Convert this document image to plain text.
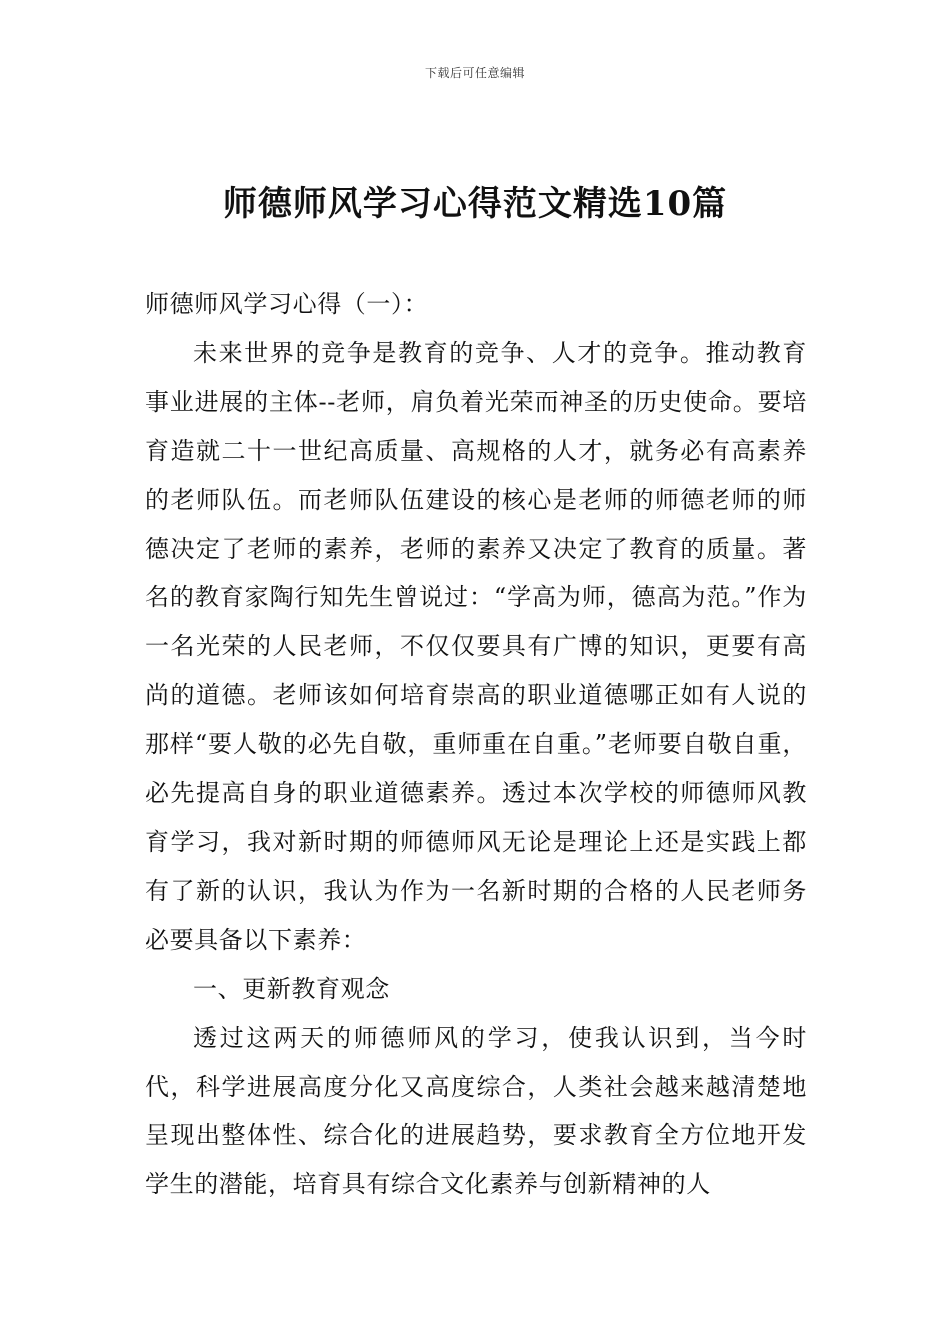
下载后可任意编辑
师德师风学习心得范文精选10篇

师德师风学习心得（一）：

未来世界的竞争是教育的竞争、人才的竞争。推动教育事业进展的主体--老师，肩负着光荣而神圣的历史使命。要培育造就二十一世纪高质量、高规格的人才，就务必有高素养的老师队伍。而老师队伍建设的核心是老师的师德老师的师德决定了老师的素养，老师的素养又决定了教育的质量。著名的教育家陶行知先生曾说过：“学高为师，德高为范。”作为一名光荣的人民老师，不仅仅要具有广博的知识，更要有高尚的道德。老师该如何培育崇高的职业道德哪正如有人说的那样“要人敬的必先自敬，重师重在自重。”老师要自敬自重，必先提高自身的职业道德素养。透过本次学校的师德师风教育学习，我对新时期的师德师风无论是理论上还是实践上都有了新的认识，我认为作为一名新时期的合格的人民老师务必要具备以下素养：

一、更新教育观念

透过这两天的师德师风的学习，使我认识到，当今时代，科学进展高度分化又高度综合，人类社会越来越清楚地呈现出整体性、综合化的进展趋势，要求教育全方位地开发学生的潜能，培育具有综合文化素养与创新精神的人
